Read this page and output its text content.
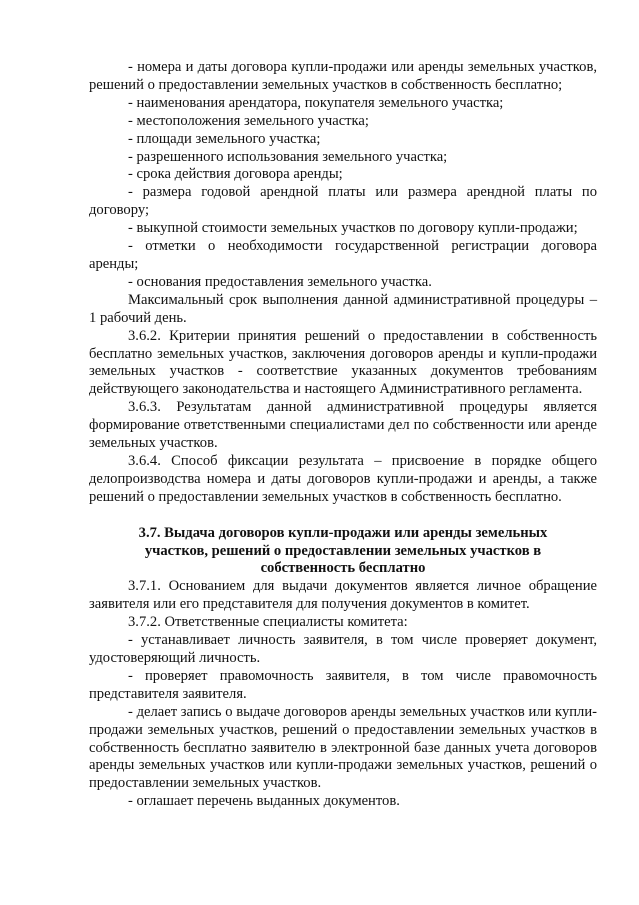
- номера и даты договора купли-продажи или аренды земельных участков, решений о предоставлении земельных участков в собственность бесплатно;

- наименования арендатора, покупателя земельного участка;

- местоположения земельного участка;

- площади земельного участка;

- разрешенного использования земельного участка;

- срока действия договора аренды;

- размера годовой арендной платы или размера арендной платы по договору;

- выкупной стоимости земельных участков по договору купли-продажи;

- отметки о необходимости государственной регистрации договора аренды;

- основания предоставления земельного участка.

Максимальный срок выполнения данной административной процедуры – 1 рабочий день.

3.6.2. Критерии принятия решений о предоставлении в собственность бесплатно земельных участков, заключения договоров аренды и купли-продажи земельных участков - соответствие указанных документов требованиям действующего законодательства и настоящего Административного регламента.

3.6.3. Результатам данной административной процедуры является формирование ответственными специалистами дел по собственности или аренде земельных участков.

3.6.4. Способ фиксации результата – присвоение в порядке общего делопроизводства номера и даты договоров купли-продажи и аренды, а также решений о предоставлении земельных участков в собственность бесплатно.

3.7. Выдача договоров купли-продажи или аренды земельных участков, решений о предоставлении земельных участков в собственность бесплатно

3.7.1. Основанием для выдачи документов является личное обращение заявителя или его представителя для получения документов в комитет.

3.7.2. Ответственные специалисты комитета:

- устанавливает личность заявителя, в том числе проверяет документ, удостоверяющий личность.

- проверяет правомочность заявителя, в том числе правомочность представителя заявителя.

- делает запись о выдаче договоров аренды земельных участков или купли-продажи земельных участков, решений о предоставлении земельных участков в собственность бесплатно заявителю в электронной базе данных учета договоров аренды земельных участков или купли-продажи земельных участков, решений о предоставлении земельных участков.

- оглашает перечень выданных документов.
